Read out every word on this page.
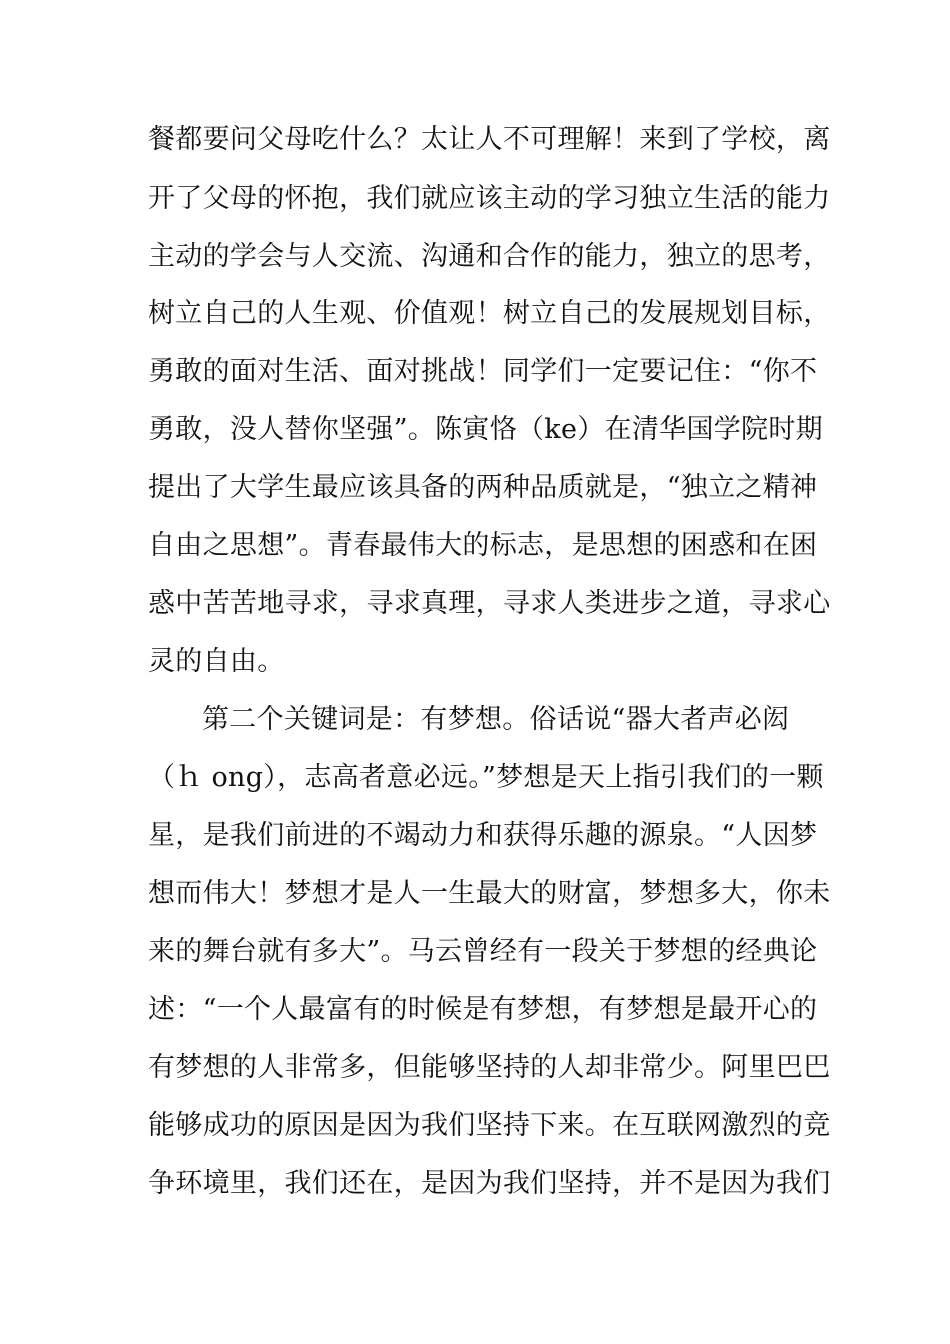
餐都要问父母吃什么？太让人不可理解！来到了学校，离
开了父母的怀抱，我们就应该主动的学习独立生活的能力
主动的学会与人交流、沟通和合作的能力，独立的思考，
树立自己的人生观、价值观！树立自己的发展规划目标，
勇敢的面对生活、面对挑战！同学们一定要记住：“你不
勇敢，没人替你坚强”。陈寅恪（ke）在清华国学院时期
提出了大学生最应该具备的两种品质就是，“独立之精神
自由之思想”。青春最伟大的标志，是思想的困惑和在困
惑中苦苦地寻求，寻求真理，寻求人类进步之道，寻求心
灵的自由。
第二个关键词是：有梦想。俗话说“器大者声必闳
（ｈ ong），志高者意必远。”梦想是天上指引我们的一颗
星，是我们前进的不竭动力和获得乐趣的源泉。“人因梦
想而伟大！梦想才是人一生最大的财富，梦想多大，你未
来的舞台就有多大”。马云曾经有一段关于梦想的经典论
述：“一个人最富有的时候是有梦想，有梦想是最开心的
有梦想的人非常多，但能够坚持的人却非常少。阿里巴巴
能够成功的原因是因为我们坚持下来。在互联网激烈的竞
争环境里，我们还在，是因为我们坚持，并不是因为我们
